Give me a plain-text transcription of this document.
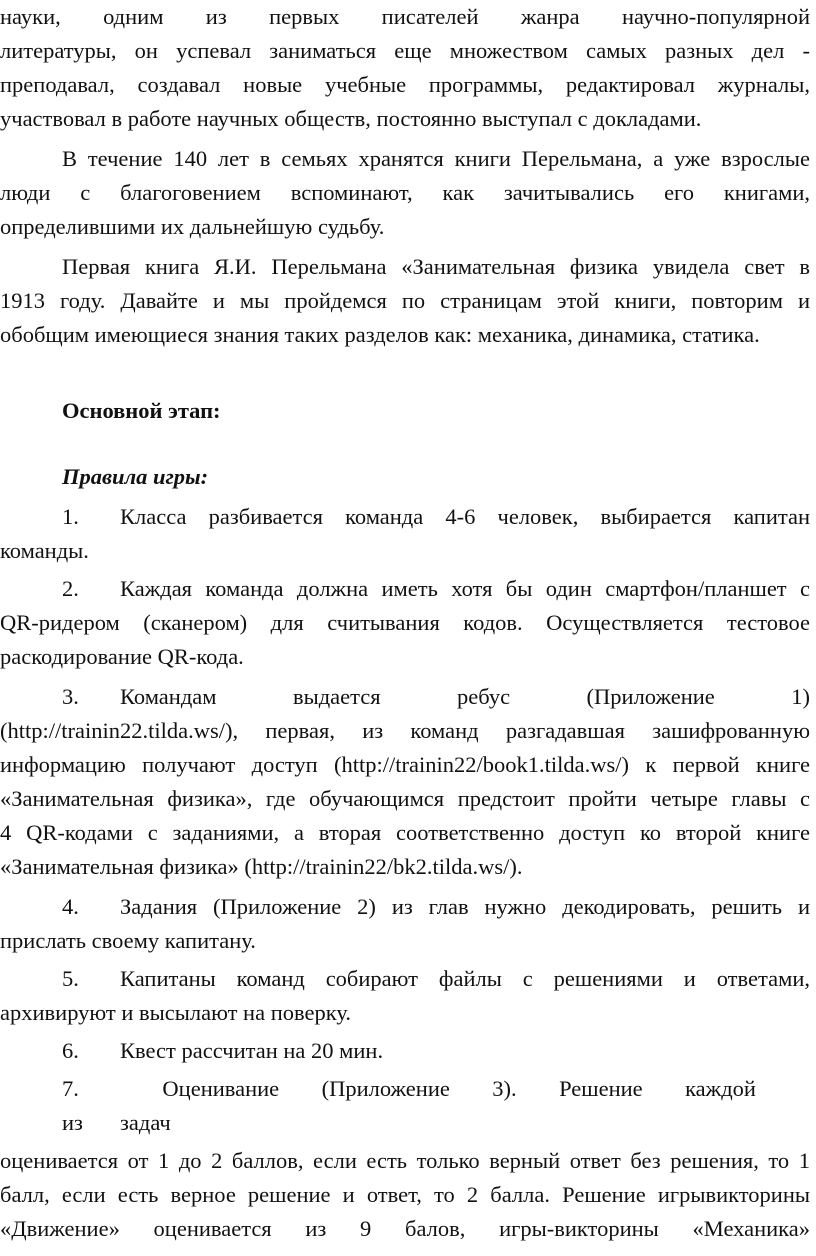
науки, одним из первых писателей жанра научно-популярной
литературы, он успевал заниматься еще множеством самых разных дел -
преподавал, создавал новые учебные программы, редактировал журналы,
участвовал в работе научных обществ, постоянно выступал с докладами.
В течение 140 лет в семьях хранятся книги Перельмана, а уже взрослые
люди с благоговением вспоминают, как зачитывались его книгами,
определившими их дальнейшую судьбу.
Первая книга Я.И. Перельмана «Занимательная физика увидела свет в
1913 году. Давайте и мы пройдемся по страницам этой книги, повторим и
обобщим имеющиеся знания таких разделов как: механика, динамика, статика.
Основной этап:
Правила игры:
1. Класса разбивается команда 4-6 человек, выбирается капитан
команды.
2. Каждая команда должна иметь хотя бы один смартфон/планшет с
QR-ридером (сканером) для считывания кодов. Осуществляется тестовое
раскодирование QR-кода.
3. Командам выдается ребус (Приложение 1)
(http://trainin22.tilda.ws/), первая, из команд разгадавшая зашифрованную
информацию получают доступ (http://trainin22/book1.tilda.ws/) к первой книге
«Занимательная физика», где обучающимся предстоит пройти четыре главы с
4 QR-кодами с заданиями, а вторая соответственно доступ ко второй книге
«Занимательная физика» (http://trainin22/bk2.tilda.ws/).
4. Задания (Приложение 2) из глав нужно декодировать, решить и
прислать своему капитану.
5. Капитаны команд собирают файлы с решениями и ответами,
архивируют и высылают на поверку.
6. Квест рассчитан на 20 мин.
7.	Оценивание (Приложение 3). Решение каждой
из задач
оценивается от 1 до 2 баллов, если есть только верный ответ без решения, то 1
балл, если есть верное решение и ответ, то 2 балла. Решение игрывикторины
«Движение» оценивается из 9 балов, игры-викторины «Механика»
